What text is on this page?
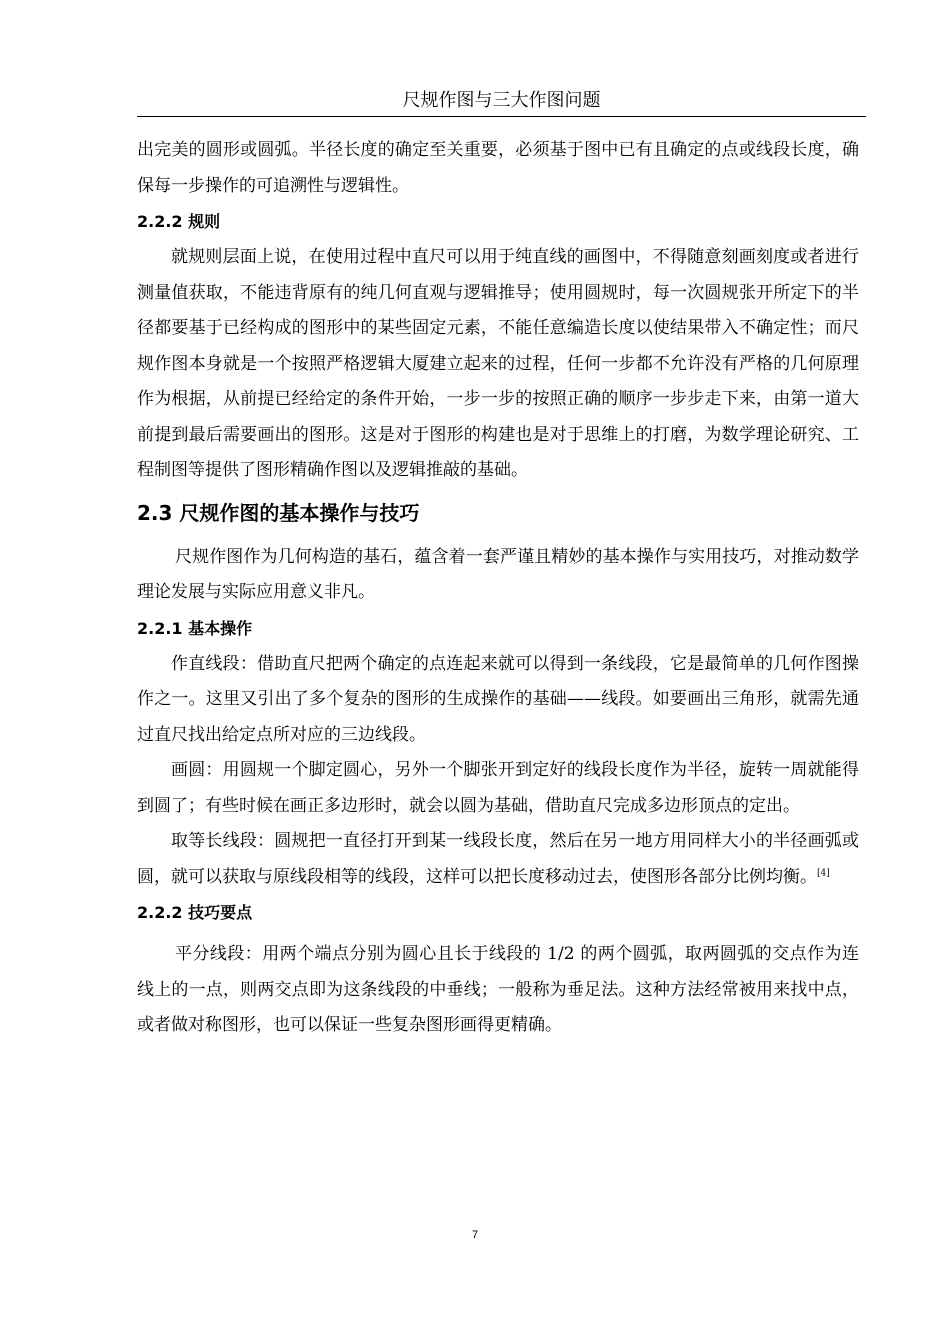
尺规作图与三大作图问题

出完美的圆形或圆弧。半径长度的确定至关重要，必须基于图中已有且确定的点或线段长度，确保每一步操作的可追溯性与逻辑性。

2.2.2 规则

就规则层面上说，在使用过程中直尺可以用于纯直线的画图中，不得随意刻画刻度或者进行测量值获取，不能违背原有的纯几何直观与逻辑推导；使用圆规时，每一次圆规张开所定下的半径都要基于已经构成的图形中的某些固定元素，不能任意编造长度以使结果带入不确定性；而尺规作图本身就是一个按照严格逻辑大厦建立起来的过程，任何一步都不允许没有严格的几何原理作为根据，从前提已经给定的条件开始，一步一步的按照正确的顺序一步步走下来，由第一道大前提到最后需要画出的图形。这是对于图形的构建也是对于思维上的打磨，为数学理论研究、工程制图等提供了图形精确作图以及逻辑推敲的基础。

2.3 尺规作图的基本操作与技巧

尺规作图作为几何构造的基石，蕴含着一套严谨且精妙的基本操作与实用技巧，对推动数学理论发展与实际应用意义非凡。

2.2.1 基本操作

作直线段：借助直尺把两个确定的点连起来就可以得到一条线段，它是最简单的几何作图操作之一。这里又引出了多个复杂的图形的生成操作的基础——线段。如要画出三角形，就需先通过直尺找出给定点所对应的三边线段。

画圆：用圆规一个脚定圆心，另外一个脚张开到定好的线段长度作为半径，旋转一周就能得到圆了；有些时候在画正多边形时，就会以圆为基础，借助直尺完成多边形顶点的定出。

取等长线段：圆规把一直径打开到某一线段长度，然后在另一地方用同样大小的半径画弧或圆，就可以获取与原线段相等的线段，这样可以把长度移动过去，使图形各部分比例均衡。[4]

2.2.2 技巧要点

平分线段：用两个端点分别为圆心且长于线段的 1/2 的两个圆弧，取两圆弧的交点作为连线上的一点，则两交点即为这条线段的中垂线；一般称为垂足法。这种方法经常被用来找中点，或者做对称图形，也可以保证一些复杂图形画得更精确。

7
